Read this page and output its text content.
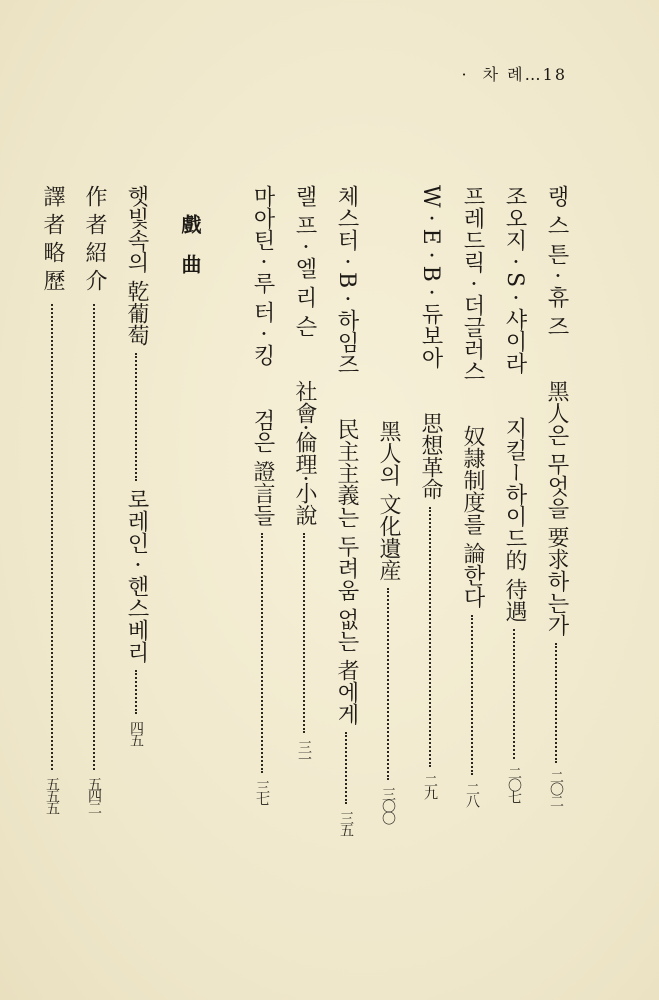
· 차 례…18
랭 스 튼 · 휴 즈 黑人은 무엇을 要求하는가  二〇二
조오지 · S · 샤이라 지킬ー하이드的 待遇  二〇七
프레드릭 · 더글러스 奴隷制度를 論한다  二八
W · E · B · 듀보아 思想革命  二九
黑人의 文化遺産  三〇〇
체스터 · B · 하임즈 民主主義는 두려움 없는 者에게  三五
랠 프 · 엘 리 슨 社會·倫理·小說  三一
마아틴 · 루 터 · 킹 검은 證言들  三七
戲曲
햇빛속의 乾葡萄  로레인 · 핸스베리  四五
作者紹介  五四二
譯者略歷  五五五
